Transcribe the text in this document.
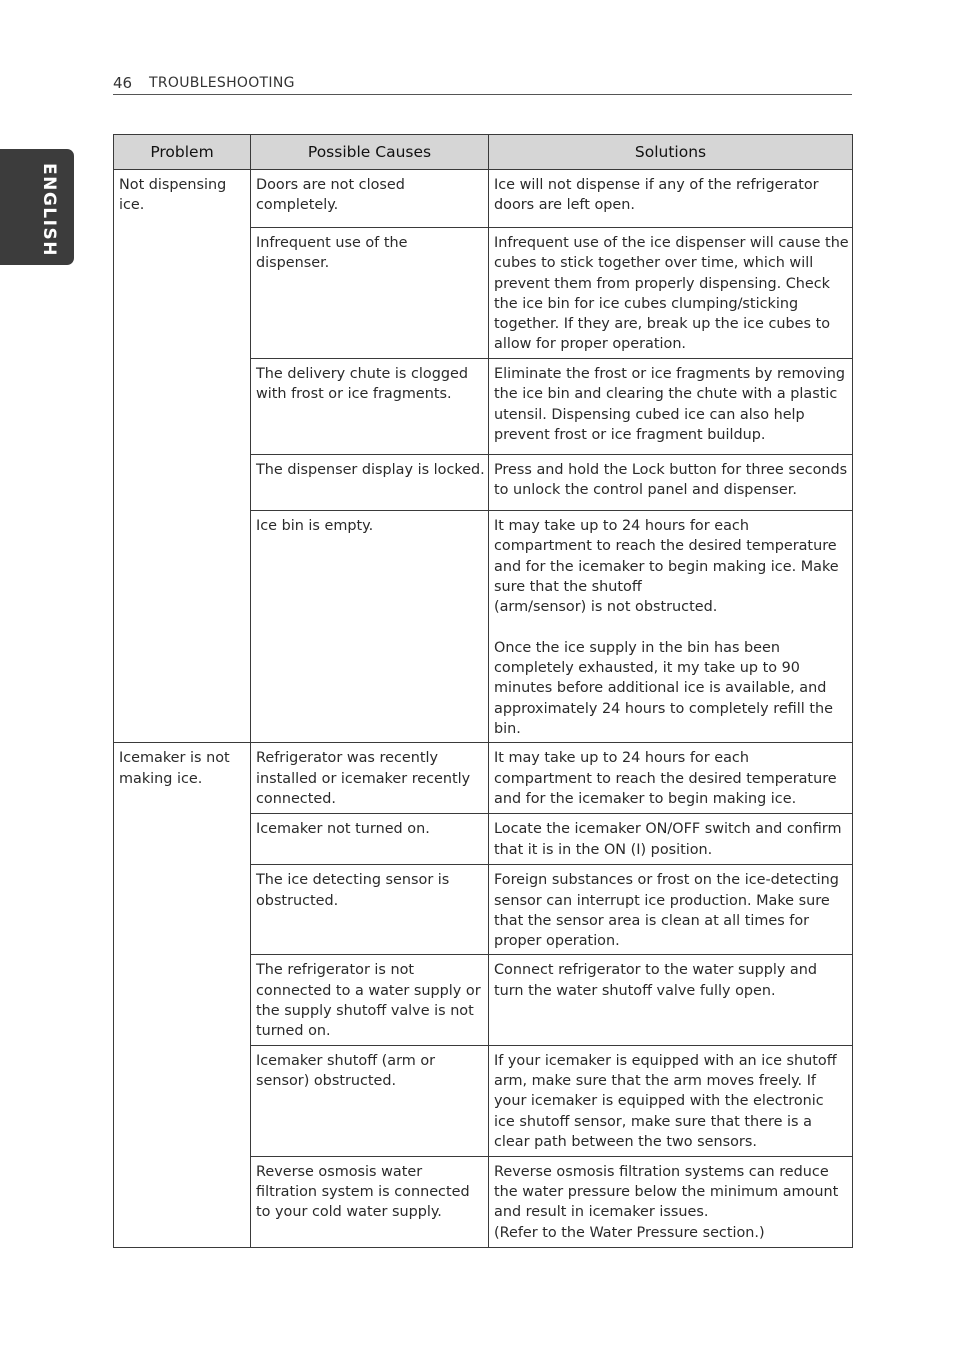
46 TROUBLESHOOTING
ENGLISH
Problem	Possible Causes	Solutions
Not dispensing ice.	Doors are not closed completely.	Ice will not dispense if any of the refrigerator doors are left open.
	Infrequent use of the dispenser.	Infrequent use of the ice dispenser will cause the cubes to stick together over time, which will prevent them from properly dispensing. Check the ice bin for ice cubes clumping/sticking together. If they are, break up the ice cubes to allow for proper operation.
	The delivery chute is clogged with frost or ice fragments.	Eliminate the frost or ice fragments by removing the ice bin and clearing the chute with a plastic utensil. Dispensing cubed ice can also help prevent frost or ice fragment buildup.
	The dispenser display is locked.	Press and hold the Lock button for three seconds to unlock the control panel and dispenser.
	Ice bin is empty.	It may take up to 24 hours for each compartment to reach the desired temperature and for the icemaker to begin making ice. Make sure that the shutoff
(arm/sensor) is not obstructed.

Once the ice supply in the bin has been completely exhausted, it my take up to 90 minutes before additional ice is available, and approximately 24 hours to completely refill the bin.
Icemaker is not making ice.	Refrigerator was recently installed or icemaker recently connected.	It may take up to 24 hours for each compartment to reach the desired temperature and for the icemaker to begin making ice.
	Icemaker not turned on.	Locate the icemaker ON/OFF switch and confirm that it is in the ON (I) position.
	The ice detecting sensor is obstructed.	Foreign substances or frost on the ice-detecting sensor can interrupt ice production. Make sure that the sensor area is clean at all times for proper operation.
	The refrigerator is not connected to a water supply or the supply shutoff valve is not turned on.	Connect refrigerator to the water supply and turn the water shutoff valve fully open.
	Icemaker shutoff (arm or sensor) obstructed.	If your icemaker is equipped with an ice shutoff arm, make sure that the arm moves freely. If your icemaker is equipped with the electronic ice shutoff sensor, make sure that there is a clear path between the two sensors.
	Reverse osmosis water filtration system is connected to your cold water supply.	Reverse osmosis filtration systems can reduce the water pressure below the minimum amount and result in icemaker issues.
(Refer to the Water Pressure section.)
